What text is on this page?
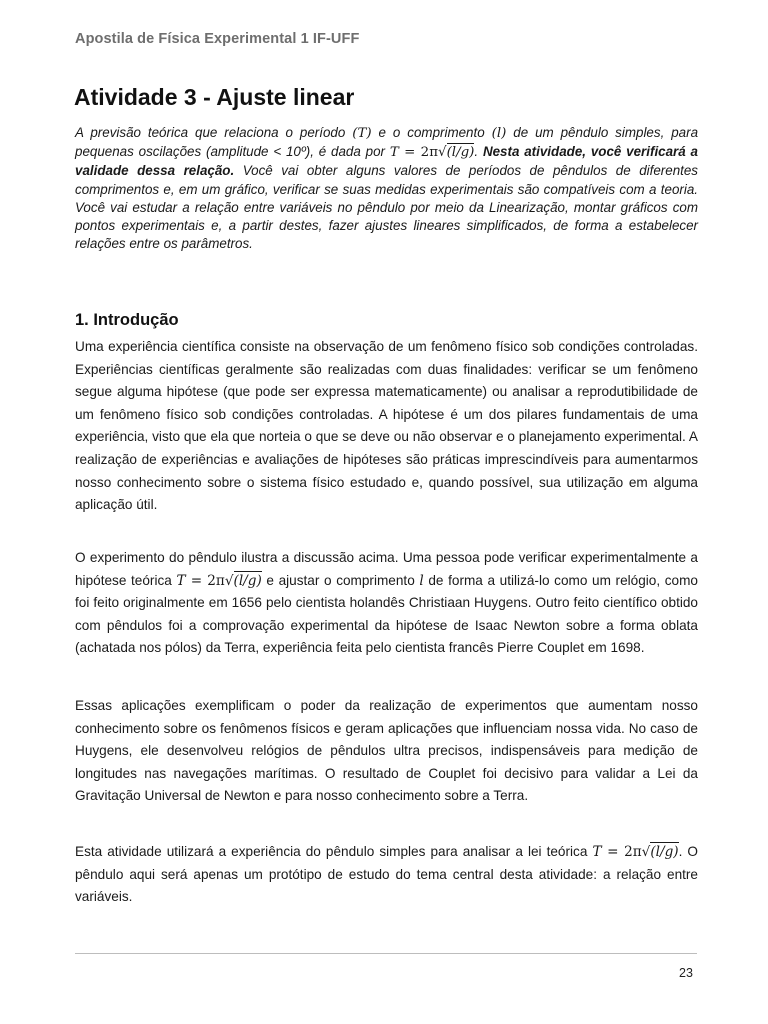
Apostila de Física Experimental 1 IF-UFF
Atividade 3 - Ajuste linear

A previsão teórica que relaciona o período (T) e o comprimento (l) de um pêndulo simples, para pequenas oscilações (amplitude < 10º), é dada por T = 2π√(l/g). Nesta atividade, você verificará a validade dessa relação. Você vai obter alguns valores de períodos de pêndulos de diferentes comprimentos e, em um gráfico, verificar se suas medidas experimentais são compatíveis com a teoria. Você vai estudar a relação entre variáveis no pêndulo por meio da Linearização, montar gráficos com pontos experimentais e, a partir destes, fazer ajustes lineares simplificados, de forma a estabelecer relações entre os parâmetros.

1. Introdução

Uma experiência científica consiste na observação de um fenômeno físico sob condições controladas. Experiências científicas geralmente são realizadas com duas finalidades: verificar se um fenômeno segue alguma hipótese (que pode ser expressa matematicamente) ou analisar a reprodutibilidade de um fenômeno físico sob condições controladas. A hipótese é um dos pilares fundamentais de uma experiência, visto que ela que norteia o que se deve ou não observar e o planejamento experimental. A realização de experiências e avaliações de hipóteses são práticas imprescindíveis para aumentarmos nosso conhecimento sobre o sistema físico estudado e, quando possível, sua utilização em alguma aplicação útil.

O experimento do pêndulo ilustra a discussão acima. Uma pessoa pode verificar experimentalmente a hipótese teórica T = 2π√(l/g) e ajustar o comprimento l de forma a utilizá-lo como um relógio, como foi feito originalmente em 1656 pelo cientista holandês Christiaan Huygens. Outro feito científico obtido com pêndulos foi a comprovação experimental da hipótese de Isaac Newton sobre a forma oblata (achatada nos pólos) da Terra, experiência feita pelo cientista francês Pierre Couplet em 1698.

Essas aplicações exemplificam o poder da realização de experimentos que aumentam nosso conhecimento sobre os fenômenos físicos e geram aplicações que influenciam nossa vida. No caso de Huygens, ele desenvolveu relógios de pêndulos ultra precisos, indispensáveis para medição de longitudes nas navegações marítimas. O resultado de Couplet foi decisivo para validar a Lei da Gravitação Universal de Newton e para nosso conhecimento sobre a Terra.

Esta atividade utilizará a experiência do pêndulo simples para analisar a lei teórica T = 2π√(l/g). O pêndulo aqui será apenas um protótipo de estudo do tema central desta atividade: a relação entre variáveis.

23
